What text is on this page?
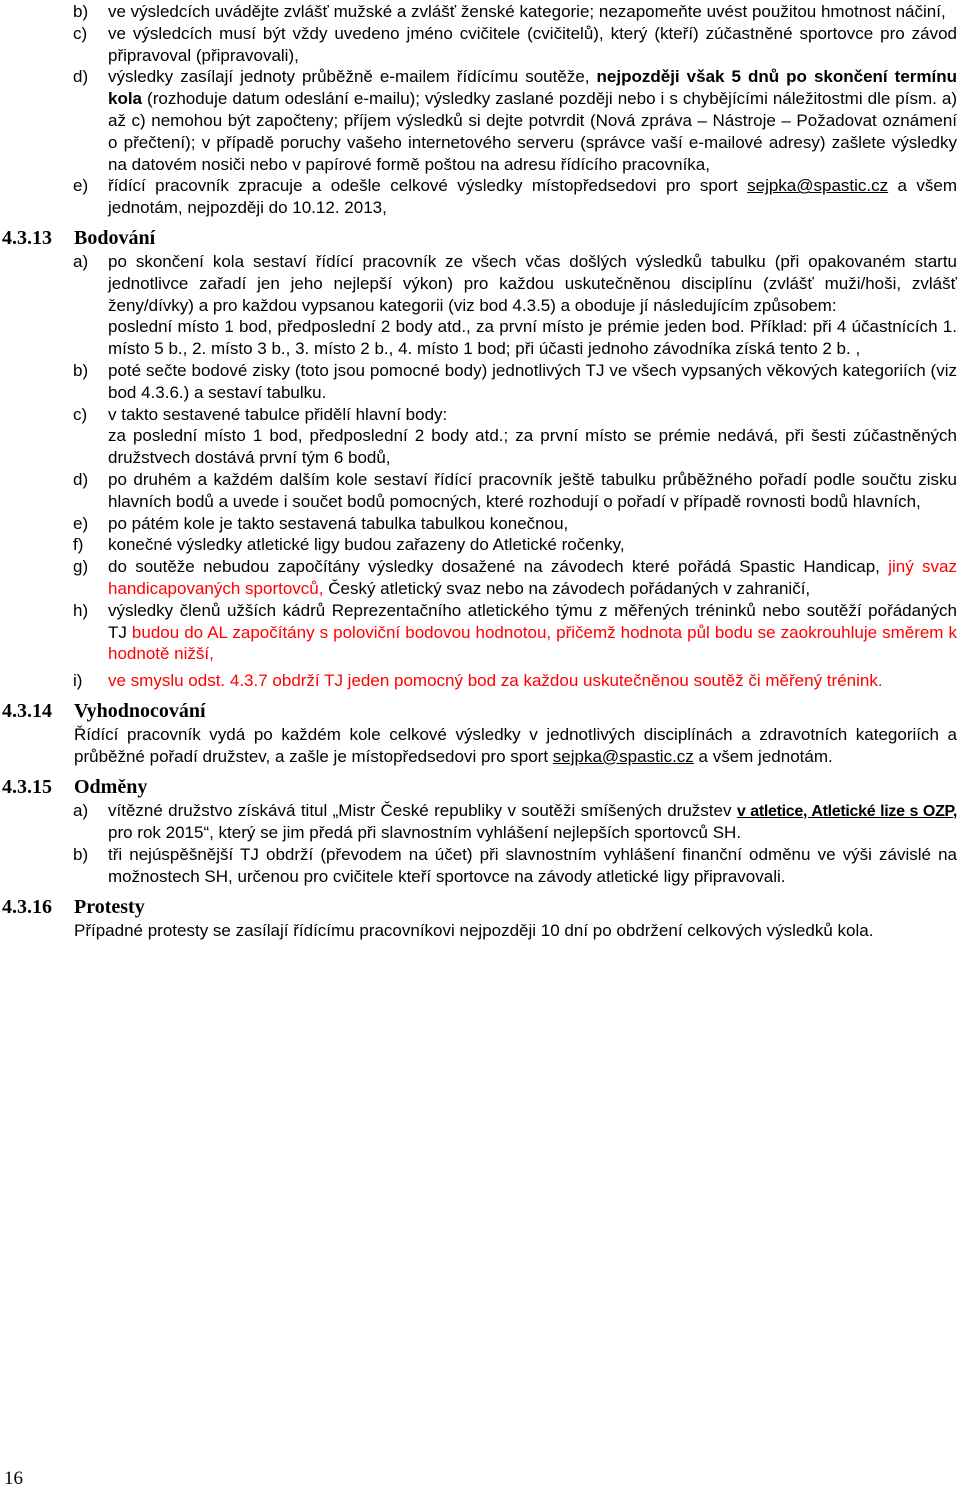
b) ve výsledcích uvádějte zvlášť mužské a zvlášť ženské kategorie; nezapomeňte uvést použitou hmotnost náčiní,
c) ve výsledcích musí být vždy uvedeno jméno cvičitele (cvičitelů), který (kteří) zúčastněné sportovce pro závod připravoval (připravovali),
d) výsledky zasílají jednoty průběžně e-mailem řídícímu soutěže, nejpozději však 5 dnů po skončení termínu kola (rozhoduje datum odeslání e-mailu); výsledky zaslané později nebo i s chybějícími náležitostmi dle písm. a) až c) nemohou být započteny; příjem výsledků si dejte potvrdit (Nová zpráva – Nástroje – Požadovat oznámení o přečtení); v případě poruchy vašeho internetového serveru (správce vaší e-mailové adresy) zašlete výsledky na datovém nosiči nebo v papírové formě poštou na adresu řídícího pracovníka,
e) řídící pracovník zpracuje a odešle celkové výsledky místopředsedovi pro sport sejpka@spastic.cz a všem jednotám, nejpozději do 10.12. 2013,
4.3.13 Bodování
a) po skončení kola sestaví řídící pracovník ze všech včas došlých výsledků tabulku (při opakovaném startu jednotlivce zařadí jen jeho nejlepší výkon) pro každou uskutečněnou disciplínu (zvlášť muži/hoši, zvlášť ženy/dívky) a pro každou vypsanou kategorii (viz bod 4.3.5) a oboduje jí následujícím způsobem:
poslední místo 1 bod, předposlední 2 body atd., za první místo je prémie jeden bod. Příklad: při 4 účastnících 1. místo 5 b., 2. místo 3 b., 3. místo 2 b., 4. místo 1 bod; při účasti jednoho závodníka získá tento 2 b. ,
b) poté sečte bodové zisky (toto jsou pomocné body) jednotlivých TJ ve všech vypsaných věkových kategoriích (viz bod 4.3.6.) a sestaví tabulku.
c) v takto sestavené tabulce přidělí hlavní body:
za poslední místo 1 bod, předposlední 2 body atd.; za první místo se prémie nedává, při šesti zúčastněných družstvech dostává první tým 6 bodů,
d) po druhém a každém dalším kole sestaví řídící pracovník ještě tabulku průběžného pořadí podle součtu zisku hlavních bodů a uvede i součet bodů pomocných, které rozhodují o pořadí v případě rovnosti bodů hlavních,
e) po pátém kole je takto sestavená tabulka tabulkou konečnou,
f) konečné výsledky atletické ligy budou zařazeny do Atletické ročenky,
g) do soutěže nebudou započítány výsledky dosažené na závodech které pořádá Spastic Handicap, jiný svaz handicapovaných sportovců, Český atletický svaz nebo na závodech pořádaných v zahraničí,
h) výsledky členů užších kádrů Reprezentačního atletického týmu z měřených tréninků nebo soutěží pořádaných TJ budou do AL započítány s poloviční bodovou hodnotou, přičemž hodnota půl bodu se zaokrouhluje směrem k hodnotě nižší,
i) ve smyslu odst. 4.3.7 obdrží TJ jeden pomocný bod za každou uskutečněnou soutěž či měřený trénink.
4.3.14 Vyhodnocování
Řídící pracovník vydá po každém kole celkové výsledky v jednotlivých disciplínách a zdravotních kategoriích a průběžné pořadí družstev, a zašle je místopředsedovi pro sport sejpka@spastic.cz a všem jednotám.
4.3.15 Odměny
a) vítězné družstvo získává titul „Mistr České republiky v soutěži smíšených družstev v atletice, Atletické lize s OZP, pro rok 2015“, který se jim předá při slavnostním vyhlášení nejlepších sportovců SH.
b) tři nejúspěšnější TJ obdrží (převodem na účet) při slavnostním vyhlášení finanční odměnu ve výši závislé na možnostech SH, určenou pro cvičitele kteří sportovce na závody atletické ligy připravovali.
4.3.16 Protesty
Případné protesty se zasílají řídícímu pracovníkovi nejpozději 10 dní po obdržení celkových výsledků kola.
16
